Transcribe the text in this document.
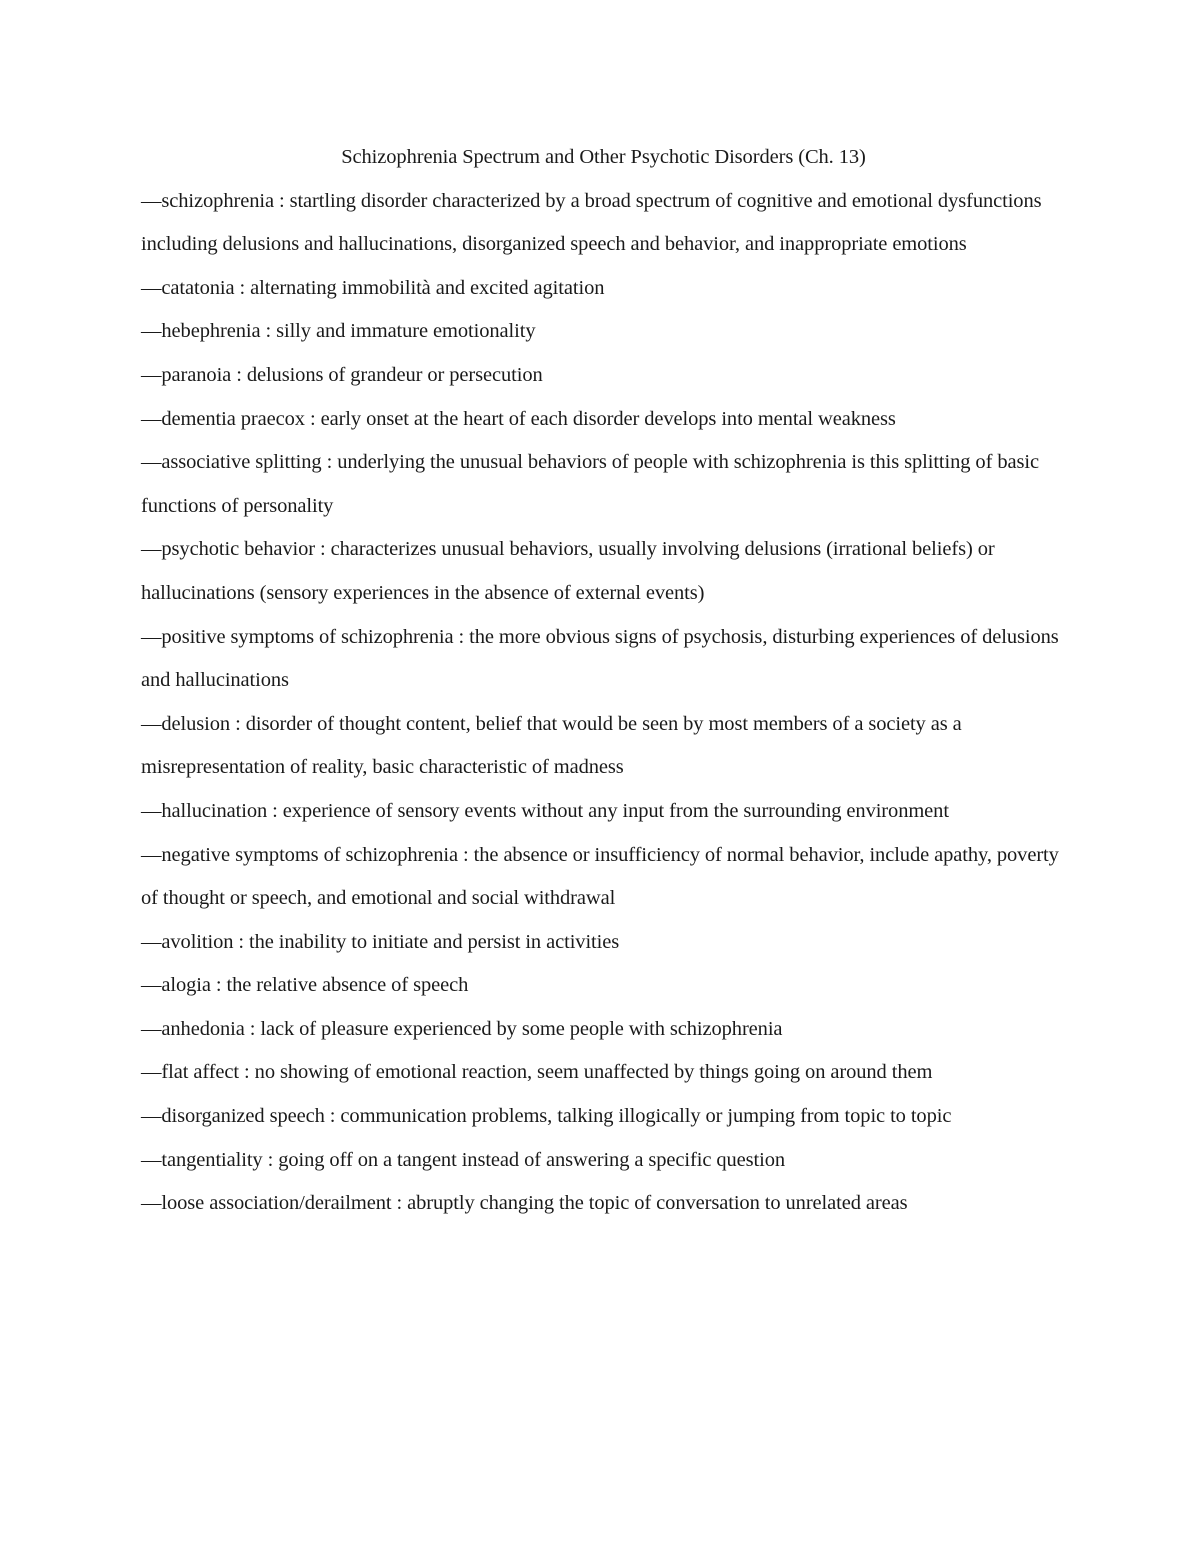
Schizophrenia Spectrum and Other Psychotic Disorders (Ch. 13)

—schizophrenia : startling disorder characterized by a broad spectrum of cognitive and emotional dysfunctions including delusions and hallucinations, disorganized speech and behavior, and inappropriate emotions

—catatonia : alternating immobilità and excited agitation

—hebephrenia : silly and immature emotionality

—paranoia : delusions of grandeur or persecution

—dementia praecox : early onset at the heart of each disorder develops into mental weakness

—associative splitting : underlying the unusual behaviors of people with schizophrenia is this splitting of basic functions of personality

—psychotic behavior : characterizes unusual behaviors, usually involving delusions (irrational beliefs) or hallucinations (sensory experiences in the absence of external events)

—positive symptoms of schizophrenia : the more obvious signs of psychosis, disturbing experiences of delusions and hallucinations

—delusion : disorder of thought content, belief that would be seen by most members of a society as a misrepresentation of reality, basic characteristic of madness

—hallucination : experience of sensory events without any input from the surrounding environment

—negative symptoms of schizophrenia : the absence or insufficiency of normal behavior, include apathy, poverty of thought or speech, and emotional and social withdrawal

—avolition : the inability to initiate and persist in activities

—alogia : the relative absence of speech

—anhedonia : lack of pleasure experienced by some people with schizophrenia

—flat affect : no showing of emotional reaction, seem unaffected by things going on around them

—disorganized speech : communication problems, talking illogically or jumping from topic to topic

—tangentiality : going off on a tangent instead of answering a specific question

—loose association/derailment : abruptly changing the topic of conversation to unrelated areas
